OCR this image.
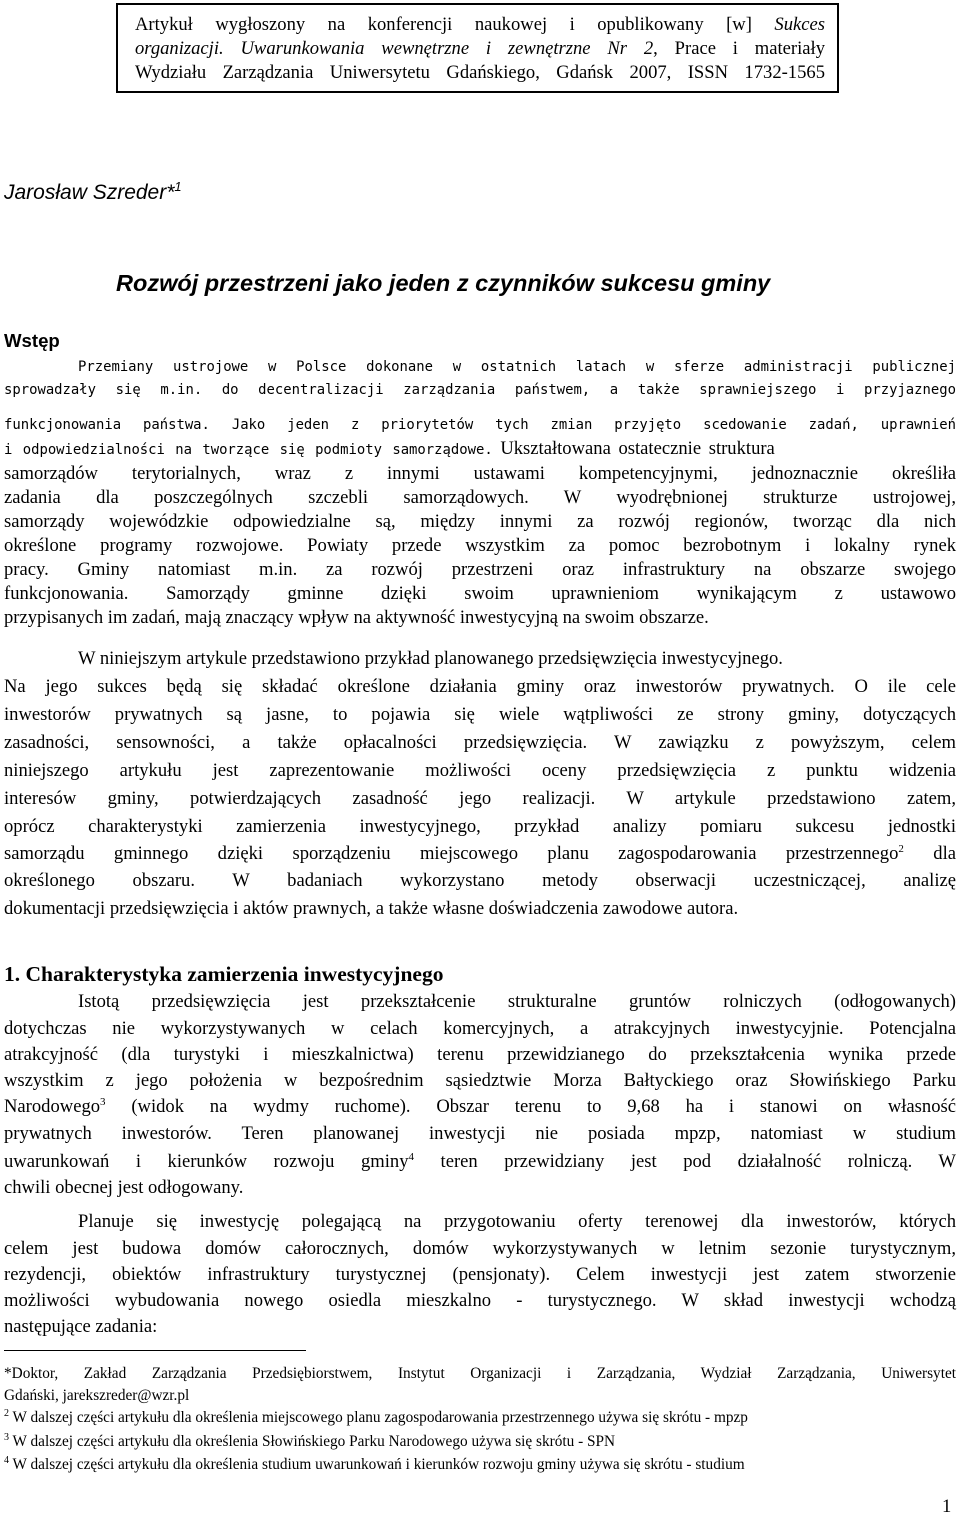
Artykuł wygłoszony na konferencji naukowej i opublikowany [w] Sukces
organizacji. Uwarunkowania wewnętrzne i zewnętrzne Nr 2, Prace i materiały
Wydziału Zarządzania Uniwersytetu Gdańskiego, Gdańsk 2007, ISSN 1732-1565
Jarosław Szreder*$^1$
Rozwój przestrzeni jako jeden z czynników sukcesu gminy
Wstęp
Przemiany ustrojowe w Polsce dokonane w ostatnich latach w sferze administracji publicznej
sprowadzały się m.in. do decentralizacji zarządzania państwem, a także sprawniejszego i przyjaznego
funkcjonowania państwa. Jako jeden z priorytetów tych zmian przyjęto scedowanie zadań, uprawnień
i odpowiedzialności na tworzące się podmioty samorządowe. Ukształtowana ostatecznie struktura
samorządów terytorialnych, wraz z innymi ustawami kompetencyjnymi, jednoznacznie określiła
zadania dla poszczególnych szczebli samorządowych. W wyodrębnionej strukturze ustrojowej,
samorządy wojewódzkie odpowiedzialne są, między innymi za rozwój regionów, tworząc dla nich
określone programy rozwojowe. Powiaty przede wszystkim za pomoc bezrobotnym i lokalny rynek
pracy. Gminy natomiast m.in. za rozwój przestrzeni oraz infrastruktury na obszarze swojego
funkcjonowania. Samorządy gminne dzięki swoim uprawnieniom wynikającym z ustawowo
przypisanych im zadań, mają znaczący wpływ na aktywność inwestycyjną na swoim obszarze.
W niniejszym artykule przedstawiono przykład planowanego przedsięwzięcia inwestycyjnego.
Na jego sukces będą się składać określone działania gminy oraz inwestorów prywatnych. O ile cele
inwestorów prywatnych są jasne, to pojawia się wiele wątpliwości ze strony gminy, dotyczących
zasadności, sensowności, a także opłacalności przedsięwzięcia. W zawiązku z powyższym, celem
niniejszego artykułu jest zaprezentowanie możliwości oceny przedsięwzięcia z punktu widzenia
interesów gminy, potwierdzających zasadność jego realizacji. W artykule przedstawiono zatem,
oprócz charakterystyki zamierzenia inwestycyjnego, przykład analizy pomiaru sukcesu jednostki
samorządu gminnego dzięki sporządzeniu miejscowego planu zagospodarowania przestrzennego$^2$ dla
określonego obszaru. W badaniach wykorzystano metody obserwacji uczestniczącej, analizę
dokumentacji przedsięwzięcia i aktów prawnych, a także własne doświadczenia zawodowe autora.
1. Charakterystyka zamierzenia inwestycyjnego
Istotą przedsięwzięcia jest przekształcenie strukturalne gruntów rolniczych (odłogowanych)
dotychczas nie wykorzystywanych w celach komercyjnych, a atrakcyjnych inwestycyjnie. Potencjalna
atrakcyjność (dla turystyki i mieszkalnictwa) terenu przewidzianego do przekształcenia wynika przede
wszystkim z jego położenia w bezpośrednim sąsiedztwie Morza Bałtyckiego oraz Słowińskiego Parku
Narodowego$^3$ (widok na wydmy ruchome). Obszar terenu to 9,68 ha i stanowi on własność
prywatnych inwestorów. Teren planowanej inwestycji nie posiada mpzp, natomiast w studium
uwarunkowań i kierunków rozwoju gminy$^4$ teren przewidziany jest pod działalność rolniczą. W
chwili obecnej jest odłogowany.
Planuje się inwestycję polegającą na przygotowaniu oferty terenowej dla inwestorów, których
celem jest budowa domów całorocznych, domów wykorzystywanych w letnim sezonie turystycznym,
rezydencji, obiektów infrastruktury turystycznej (pensjonaty). Celem inwestycji jest zatem stworzenie
możliwości wybudowania nowego osiedla mieszkalno - turystycznego. W skład inwestycji wchodzą
następujące zadania:
*Doktor, Zakład Zarządzania Przedsiębiorstwem, Instytut Organizacji i Zarządzania, Wydział Zarządzania, Uniwersytet
Gdański, jarekszreder@wzr.pl
$^2$ W dalszej części artykułu dla określenia miejscowego planu zagospodarowania przestrzennego używa się skrótu - mpzp
$^3$ W dalszej części artykułu dla określenia Słowińskiego Parku Narodowego używa się skrótu - SPN
$^4$ W dalszej części artykułu dla określenia studium uwarunkowań i kierunków rozwoju gminy używa się skrótu - studium
1
